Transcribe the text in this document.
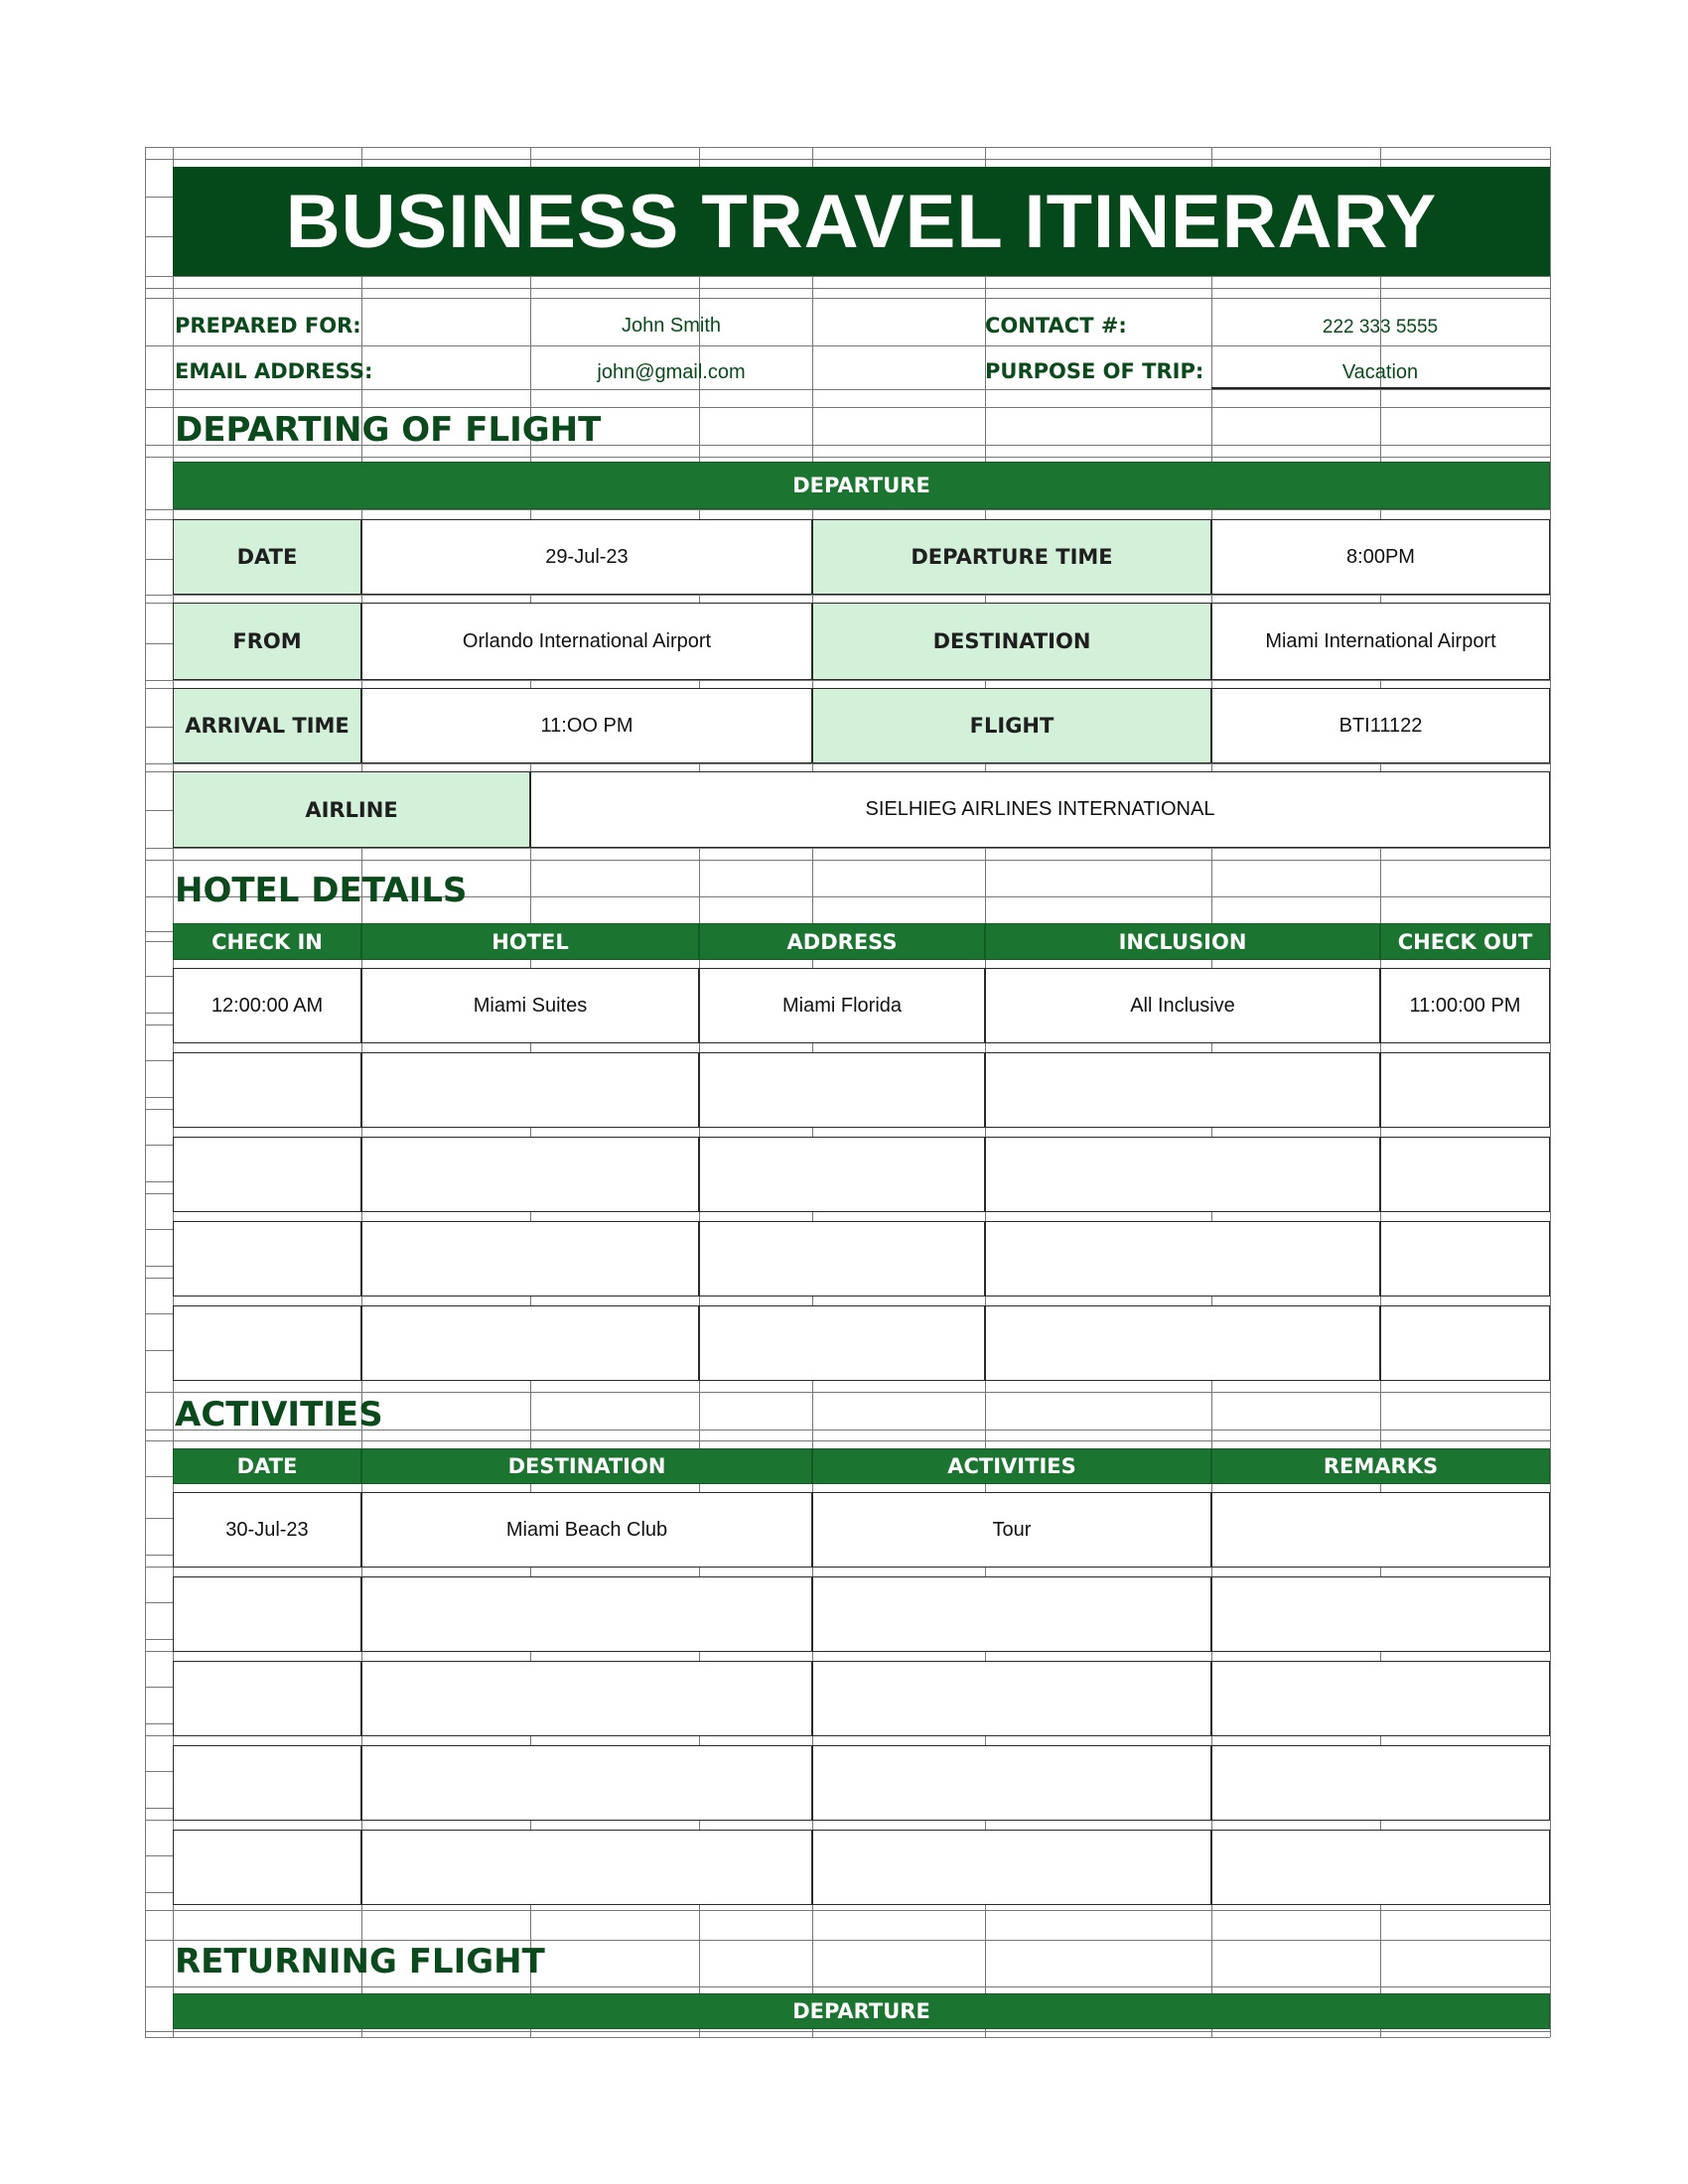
BUSINESS TRAVEL ITINERARY
PREPARED FOR:	John Smith	CONTACT #:	222 333 5555
EMAIL ADDRESS:	john@gmail.com	PURPOSE OF TRIP:	Vacation
DEPARTING OF FLIGHT
DEPARTURE
DATE	29-Jul-23	DEPARTURE TIME	8:00PM
FROM	Orlando International Airport	DESTINATION	Miami International Airport
ARRIVAL TIME	11:OO PM	FLIGHT	BTI11122
AIRLINE	SIELHIEG AIRLINES INTERNATIONAL
HOTEL DETAILS
CHECK IN	HOTEL	ADDRESS	INCLUSION	CHECK OUT
12:00:00 AM	Miami Suites	Miami Florida	All Inclusive	11:00:00 PM
ACTIVITIES
DATE	DESTINATION	ACTIVITIES	REMARKS
30-Jul-23	Miami Beach Club	Tour
RETURNING FLIGHT
DEPARTURE
